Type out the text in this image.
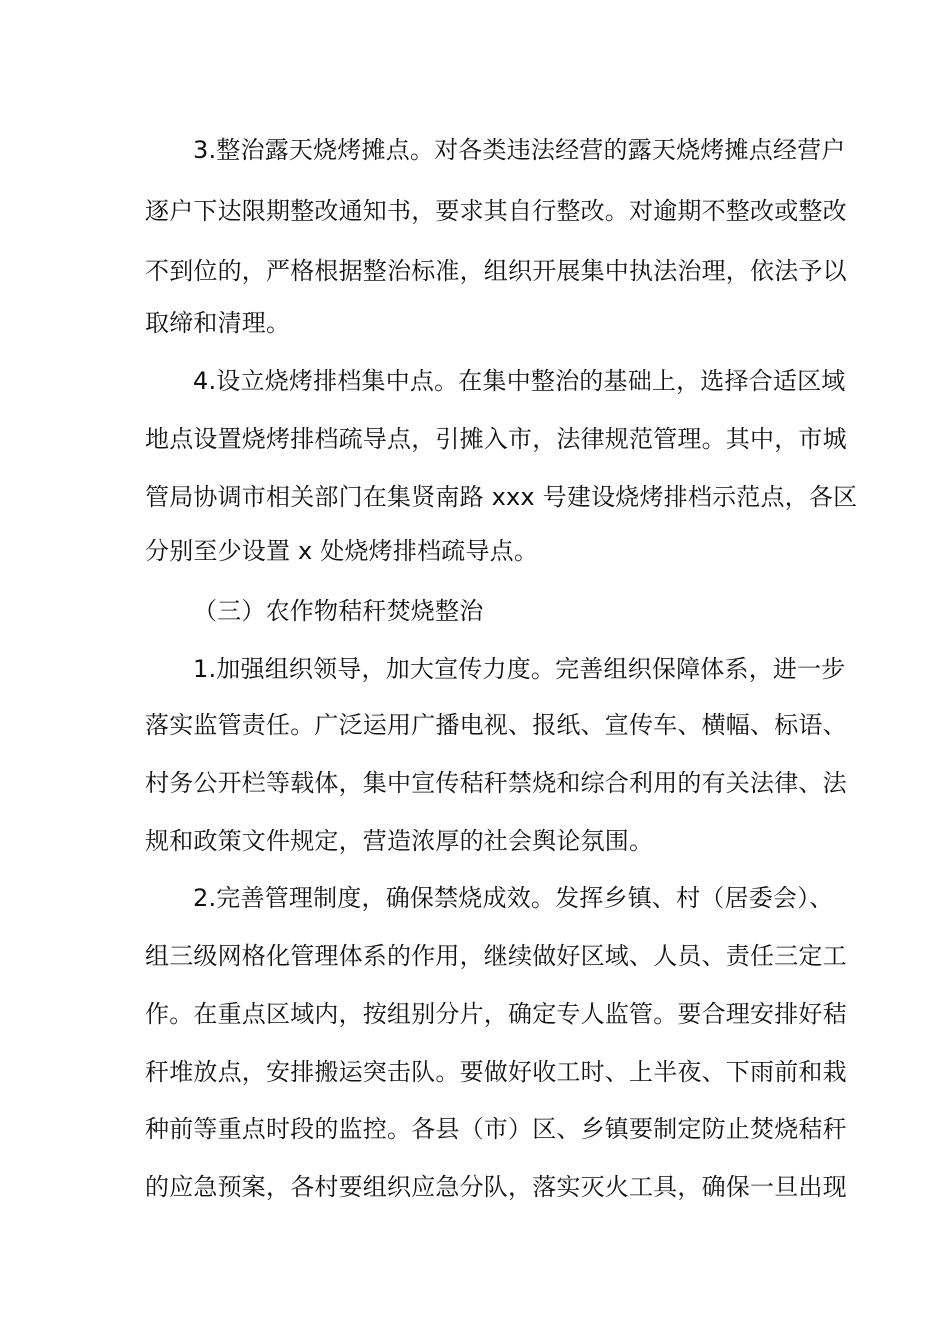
3.整治露天烧烤摊点。对各类违法经营的露天烧烤摊点经营户
逐户下达限期整改通知书，要求其自行整改。对逾期不整改或整改
不到位的，严格根据整治标准，组织开展集中执法治理，依法予以
取缔和清理。
4.设立烧烤排档集中点。在集中整治的基础上，选择合适区域
地点设置烧烤排档疏导点，引摊入市，法律规范管理。其中，市城
管局协调市相关部门在集贤南路 xxx 号建设烧烤排档示范点，各区
分别至少设置 x 处烧烤排档疏导点。
（三）农作物秸秆焚烧整治
1.加强组织领导，加大宣传力度。完善组织保障体系，进一步
落实监管责任。广泛运用广播电视、报纸、宣传车、横幅、标语、
村务公开栏等载体，集中宣传秸秆禁烧和综合利用的有关法律、法
规和政策文件规定，营造浓厚的社会舆论氛围。
2.完善管理制度，确保禁烧成效。发挥乡镇、村（居委会）、
组三级网格化管理体系的作用，继续做好区域、人员、责任三定工
作。在重点区域内，按组别分片，确定专人监管。要合理安排好秸
秆堆放点，安排搬运突击队。要做好收工时、上半夜、下雨前和栽
种前等重点时段的监控。各县（市）区、乡镇要制定防止焚烧秸秆
的应急预案，各村要组织应急分队，落实灭火工具，确保一旦出现
